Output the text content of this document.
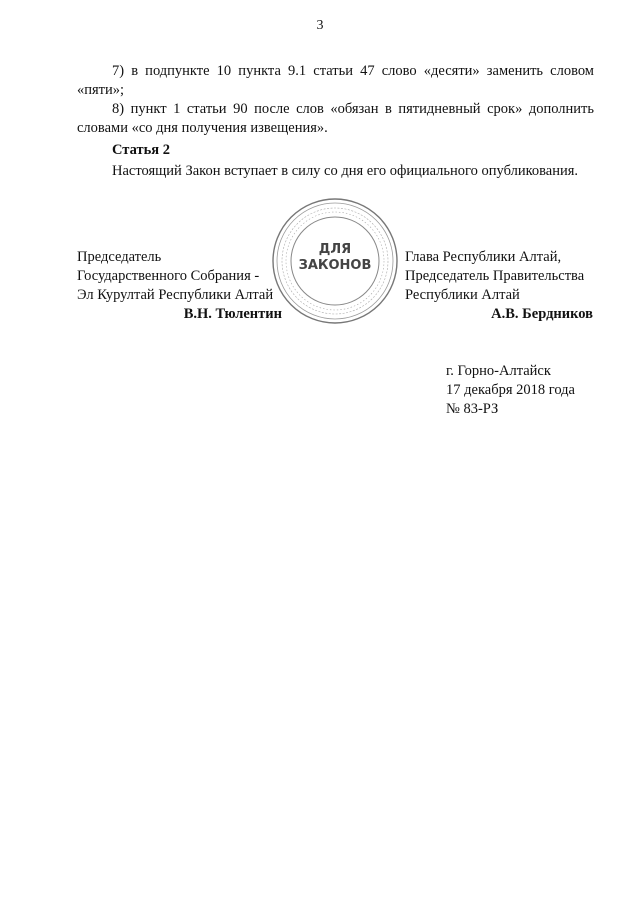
3

7) в подпункте 10 пункта 9.1 статьи 47 слово «десяти» заменить словом «пяти»;

8) пункт 1 статьи 90 после слов «обязан в пятидневный срок» дополнить словами «со дня получения извещения».

Статья 2

Настоящий Закон вступает в силу со дня его официального опубликования.

ДЛЯ
ЗАКОНОВ
Председатель
Государственного Собрания -
Эл Курултай Республики Алтай
В.Н. Тюлентин
Глава Республики Алтай,
Председатель Правительства
Республики Алтай
А.В. Бердников
г. Горно-Алтайск
17 декабря 2018 года
№ 83-РЗ
